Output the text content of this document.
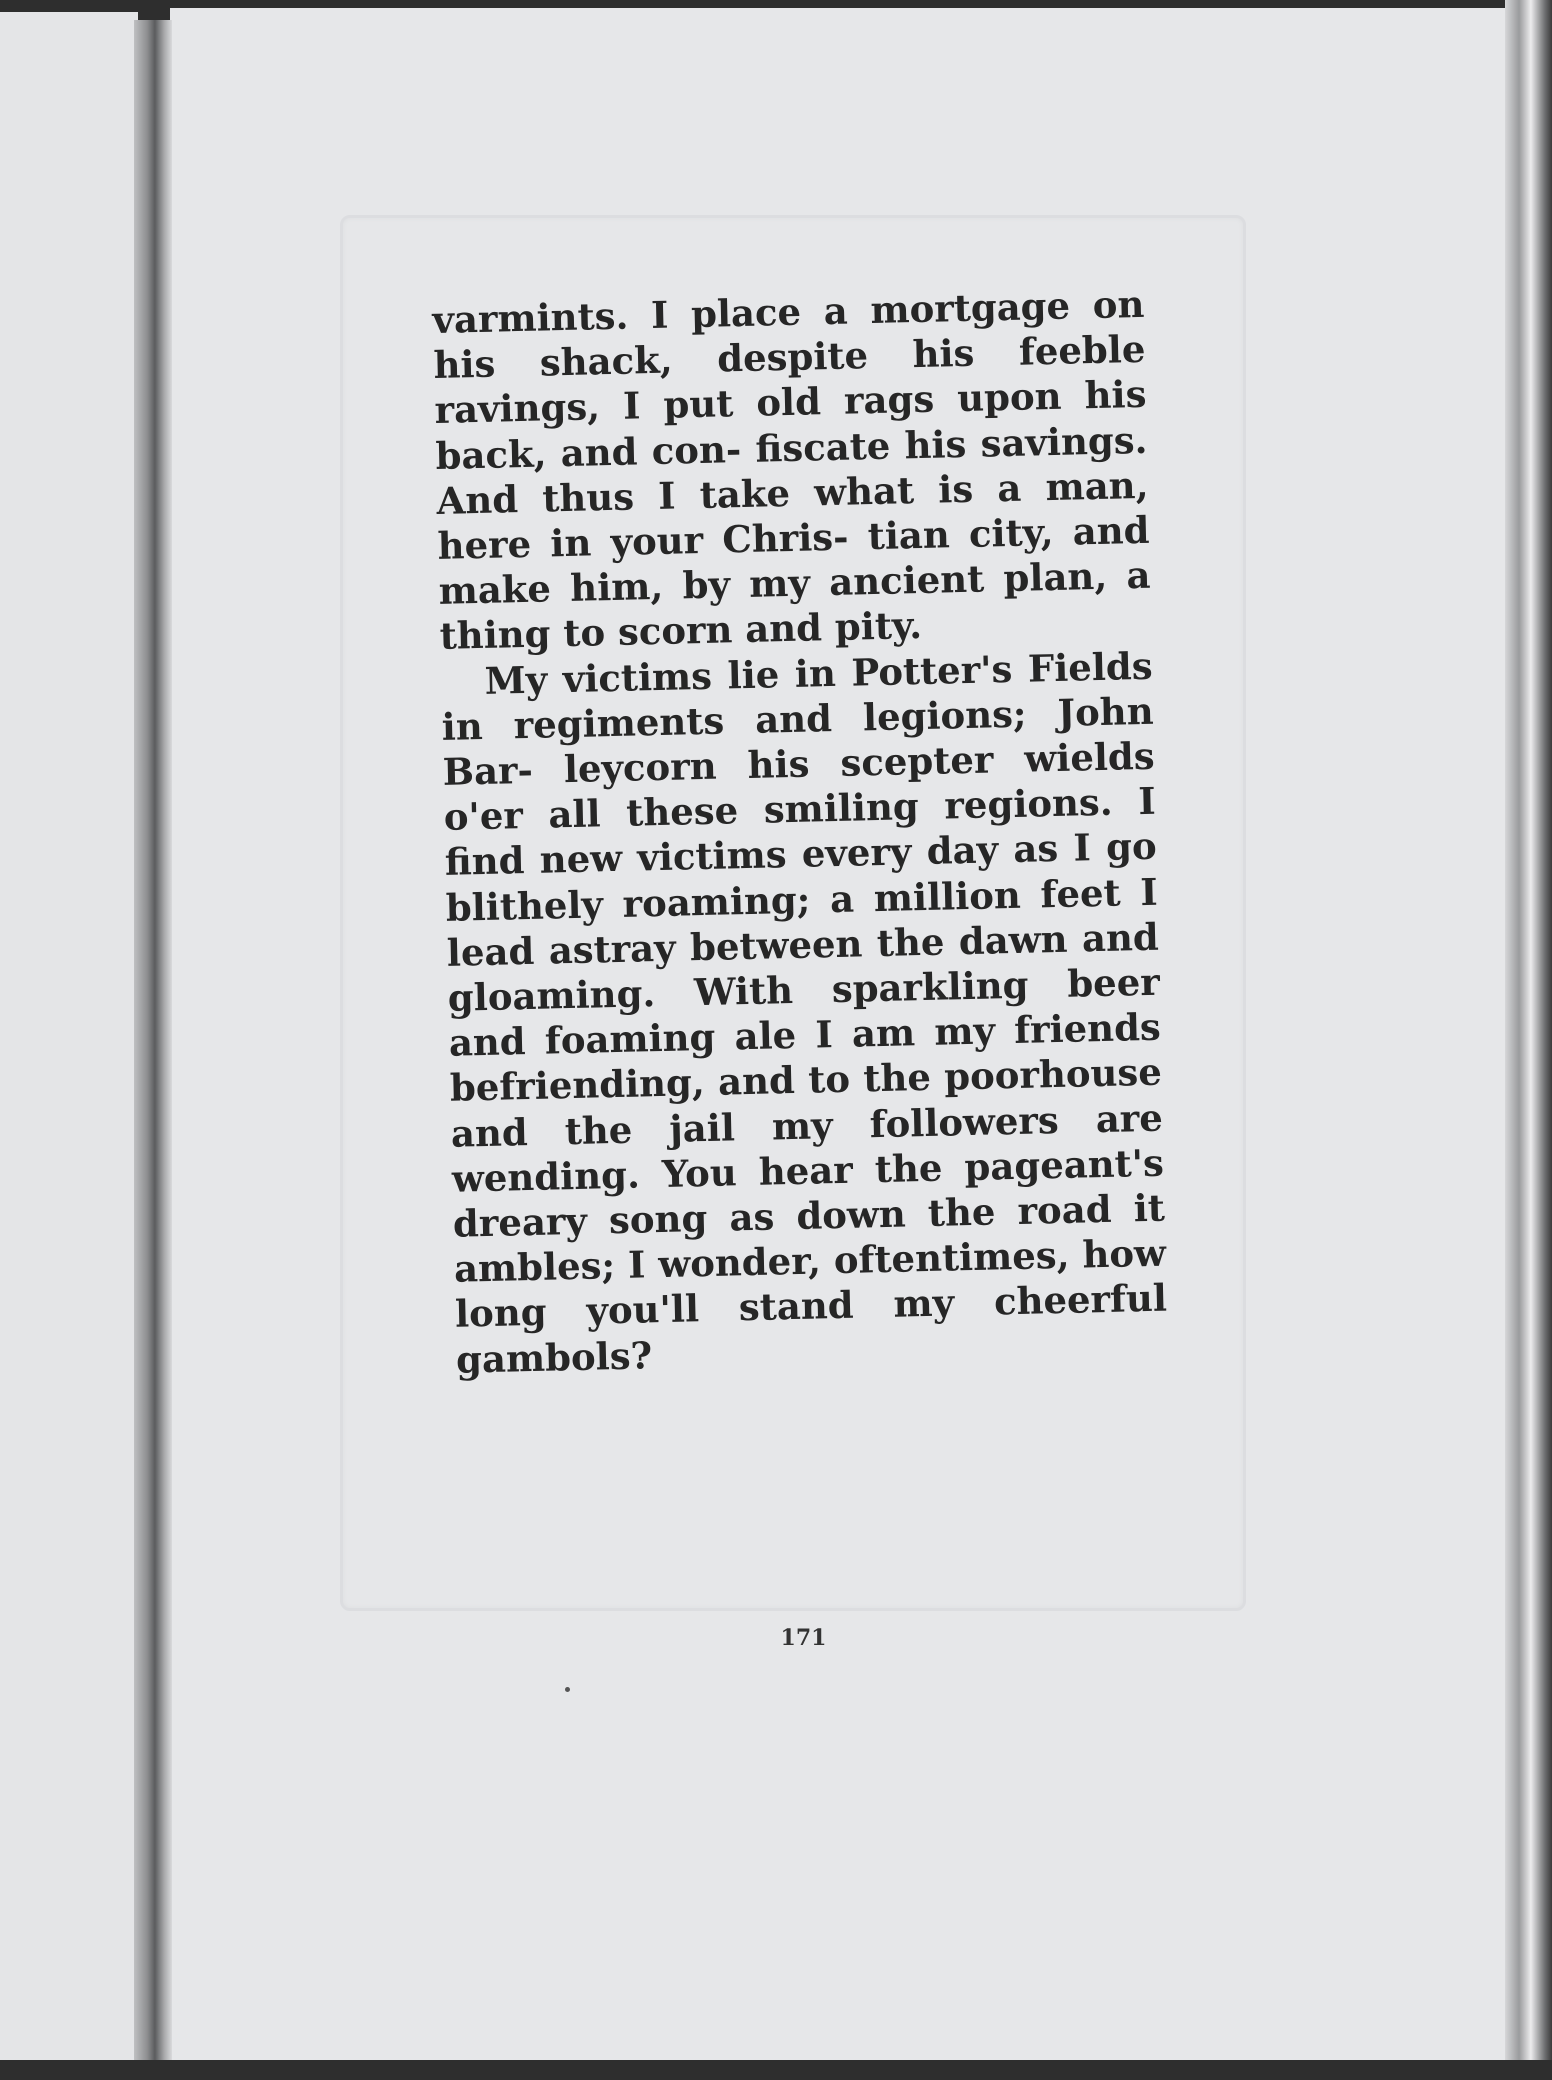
varmints. I place a mortgage on his shack, despite his feeble ravings, I put old rags upon his back, and con- fiscate his savings. And thus I take what is a man, here in your Chris- tian city, and make him, by my ancient plan, a thing to scorn and pity.

My victims lie in Potter's Fields in regiments and legions; John Bar- leycorn his scepter wields o'er all these smiling regions. I find new victims every day as I go blithely roaming; a million feet I lead astray between the dawn and gloaming. With sparkling beer and foaming ale I am my friends befriending, and to the poorhouse and the jail my followers are wending. You hear the pageant's dreary song as down the road it ambles; I wonder, oftentimes, how long you'll stand my cheerful gambols?

171
